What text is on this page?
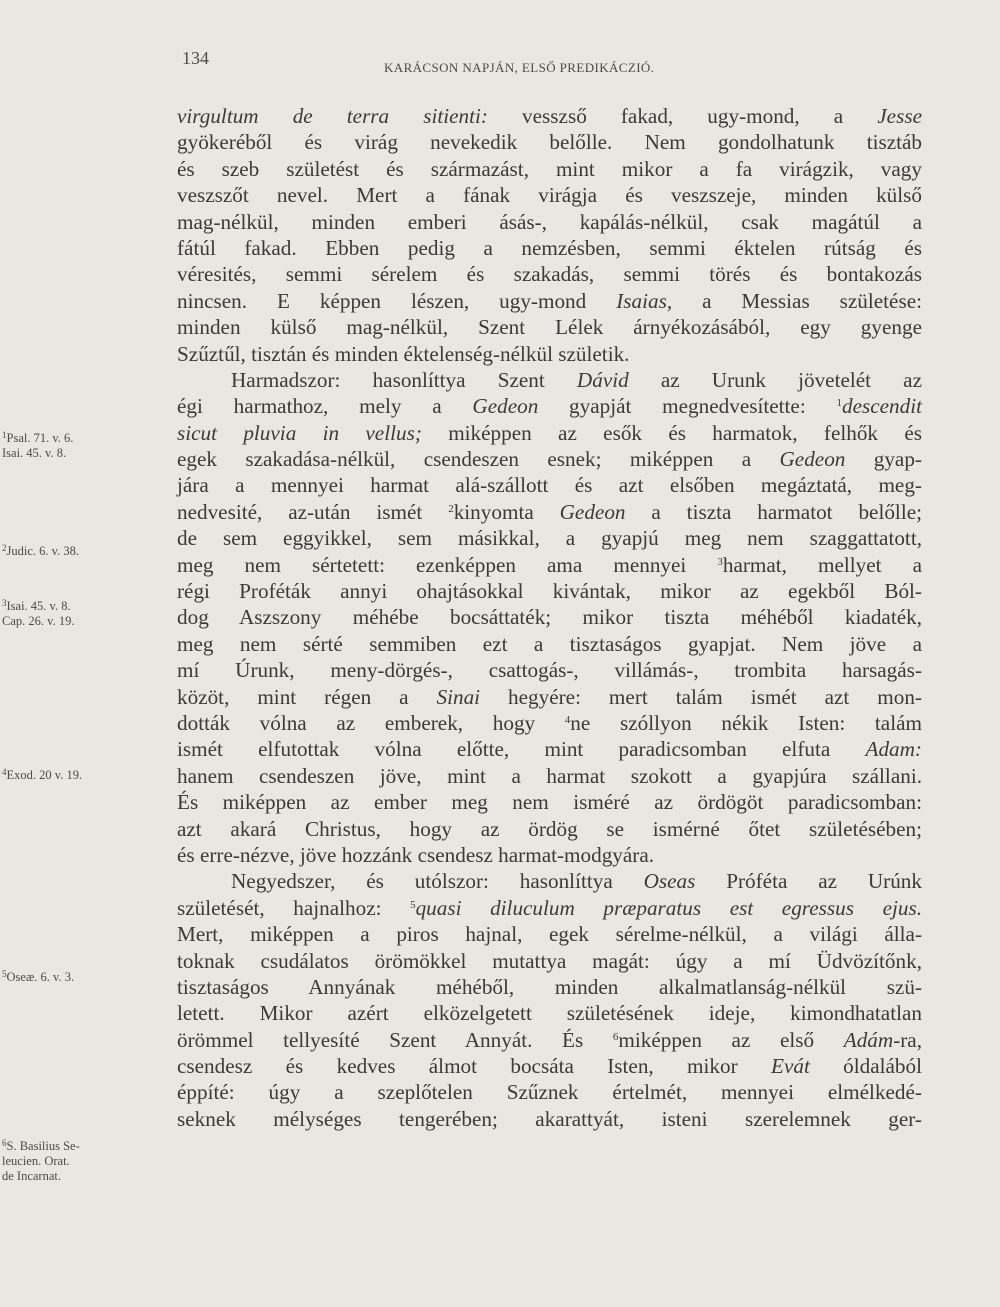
134	KARÁCSON NAPJÁN, ELSŐ PREDIKÁCZIÓ.
virgultum de terra sitienti: vesszső fakad, ugy-mond, a Jesse
gyökeréből és virág nevekedik belőlle. Nem gondolhatunk tisztáb
és szeb születést és származást, mint mikor a fa virágzik, vagy
veszszőt nevel. Mert a fának virágja és veszszeje, minden külső
mag-nélkül, minden emberi ásás-, kapálás-nélkül, csak magátúl a
fátúl fakad. Ebben pedig a nemzésben, semmi éktelen rútság és
véresités, semmi sérelem és szakadás, semmi törés és bontakozás
nincsen. E képpen lészen, ugy-mond Isaias, a Messias születése:
minden külső mag-nélkül, Szent Lélek árnyékozásából, egy gyenge
Szűztűl, tisztán és minden éktelenség-nélkül születik.
Harmadszor: hasonlíttya Szent Dávid az Urunk jövetelét az
égi harmathoz, mely a Gedeon gyapját megnedvesítette: $^1$descendit
sicut pluvia in vellus; miképpen az esők és harmatok, felhők és
egek szakadása-nélkül, csendeszen esnek; miképpen a Gedeon gyap-
jára a mennyei harmat alá-szállott és azt elsőben megáztatá, meg-
nedvesité, az-után ismét $^2$kinyomta Gedeon a tiszta harmatot belőlle;
de sem eggyikkel, sem másikkal, a gyapjú meg nem szaggattatott,
meg nem sértetett: ezenképpen ama mennyei $^3$harmat, mellyet a
régi Proféták annyi ohajtásokkal kivántak, mikor az egekből Ból-
dog Aszszony méhébe bocsáttaték; mikor tiszta méhéből kiadaték,
meg nem sérté semmiben ezt a tisztaságos gyapjat. Nem jöve a
mí Úrunk, meny-dörgés-, csattogás-, villámás-, trombita harsagás-
közöt, mint régen a Sinai hegyére: mert talám ismét azt mon-
dották vólna az emberek, hogy $^4$ne szóllyon nékik Isten: talám
ismét elfutottak vólna előtte, mint paradicsomban elfuta Adam:
hanem csendeszen jöve, mint a harmat szokott a gyapjúra szállani.
És miképpen az ember meg nem isméré az ördögöt paradicsomban:
azt akará Christus, hogy az ördög se ismérné őtet születésében;
és erre-nézve, jöve hozzánk csendesz harmat-modgyára.
Negyedszer, és utólszor: hasonlíttya Oseas Próféta az Urúnk
születését, hajnalhoz: $^5$quasi diluculum præparatus est egressus ejus.
Mert, miképpen a piros hajnal, egek sérelme-nélkül, a világi álla-
toknak csudálatos örömökkel mutattya magát: úgy a mí Üdvözítőnk,
tisztaságos Annyának méhéből, minden alkalmatlanság-nélkül szü-
letett. Mikor azért elközelgetett születésének ideje, kimondhatatlan
örömmel tellyesíté Szent Annyát. És $^6$miképpen az első Adám-ra,
csendesz és kedves álmot bocsáta Isten, mikor Evát óldalából
éppíté: úgy a szeplőtelen Szűznek értelmét, mennyei elmélkedé-
seknek mélységes tengerében; akarattyát, isteni szerelemnek ger-
$^1$Psal. 71. v. 6.
Isai. 45. v. 8.
$^2$Judic. 6. v. 38.
$^3$Isai. 45. v. 8.
Cap. 26. v. 19.
$^4$Exod. 20 v. 19.
$^5$Oseæ. 6. v. 3.
$^6$S. Basilius Se-
leucien. Orat.
de Incarnat.
